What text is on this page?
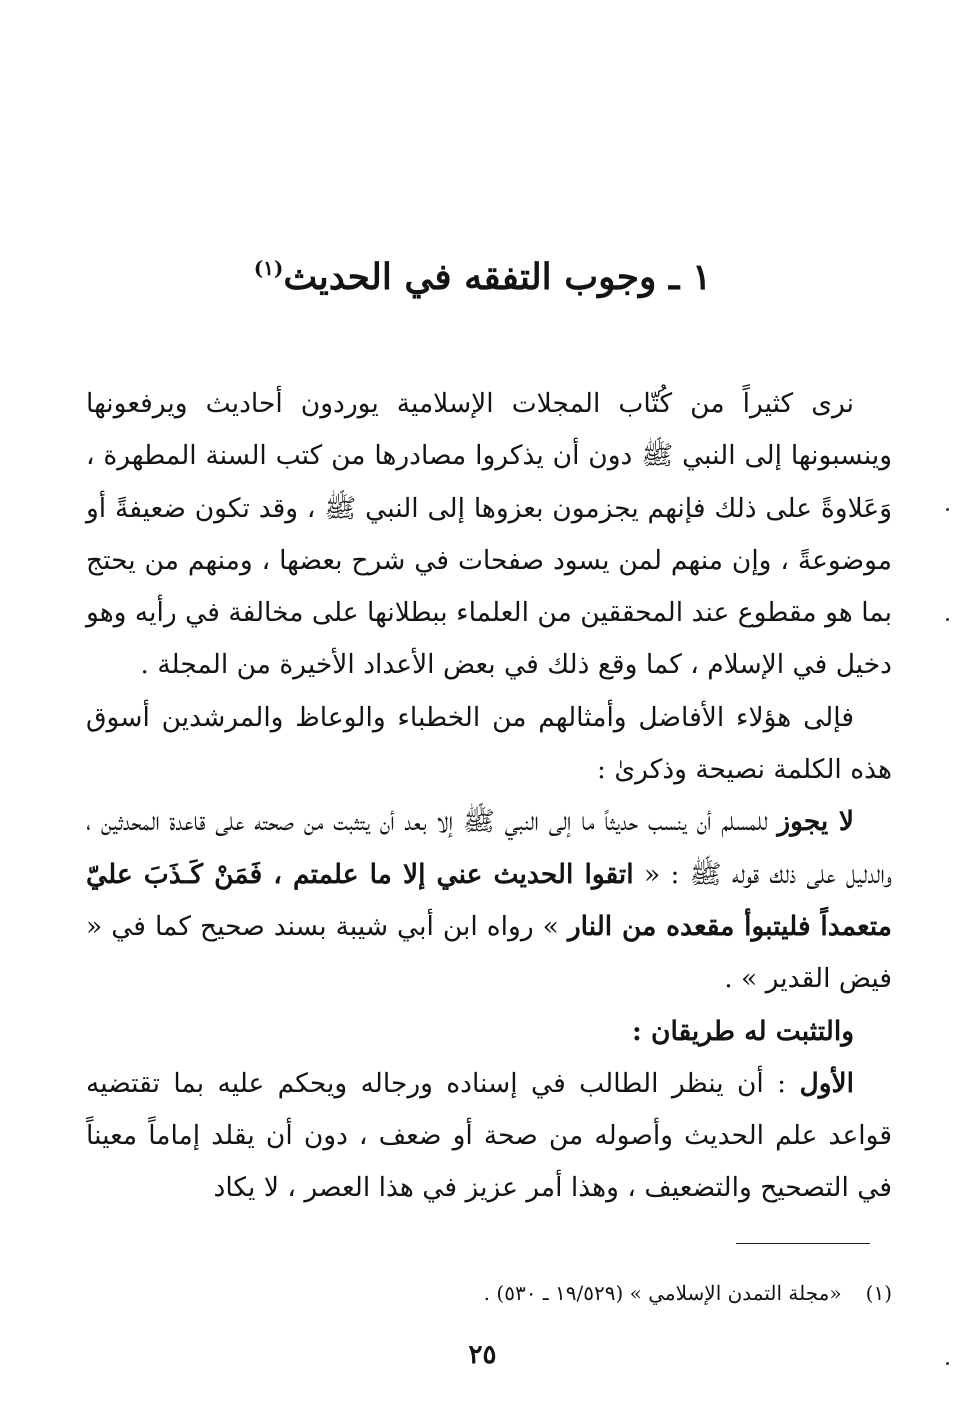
١ ـ وجوب التفقه في الحديث$^{(١)}$

نرى كثيراً من كُتّاب المجلات الإسلامية يوردون أحاديث ويرفعونها وينسبونها إلى النبي ﷺ دون أن يذكروا مصادرها من كتب السنة المطهرة ، وَعَلاوةً على ذلك فإنهم يجزمون بعزوها إلى النبي ﷺ ، وقد تكون ضعيفةً أو موضوعةً ، وإن منهم لمن يسود صفحات في شرح بعضها ، ومنهم من يحتج بما هو مقطوع عند المحققين من العلماء ببطلانها على مخالفة في رأيه وهو دخيل في الإسلام ، كما وقع ذلك في بعض الأعداد الأخيرة من المجلة .

فإلى هؤلاء الأفاضل وأمثالهم من الخطباء والوعاظ والمرشدين أسوق هذه الكلمة نصيحة وذكرىٰ :

لا يجوز للمسلم أن ينسب حديثاً ما إلى النبي ﷺ إلا بعد أن يتثبت من صحته على قاعدة المحدثين ، والدليل على ذلك قوله ﷺ : « اتقوا الحديث عني إلا ما علمتم ، فَمَنْ كَـذَبَ عليّ متعمداً فليتبوأ مقعده من النار » رواه ابن أبي شيبة بسند صحيح كما في « فيض القدير » .

والتثبت له طريقان :

الأول : أن ينظر الطالب في إسناده ورجاله ويحكم عليه بما تقتضيه قواعد علم الحديث وأصوله من صحة أو ضعف ، دون أن يقلد إماماً معيناً في التصحيح والتضعيف ، وهذا أمر عزيز في هذا العصر ، لا يكاد

(١)«مجلة التمدن الإسلامي » (١٩/٥٢٩ ـ ٥٣٠) .
٢٥
